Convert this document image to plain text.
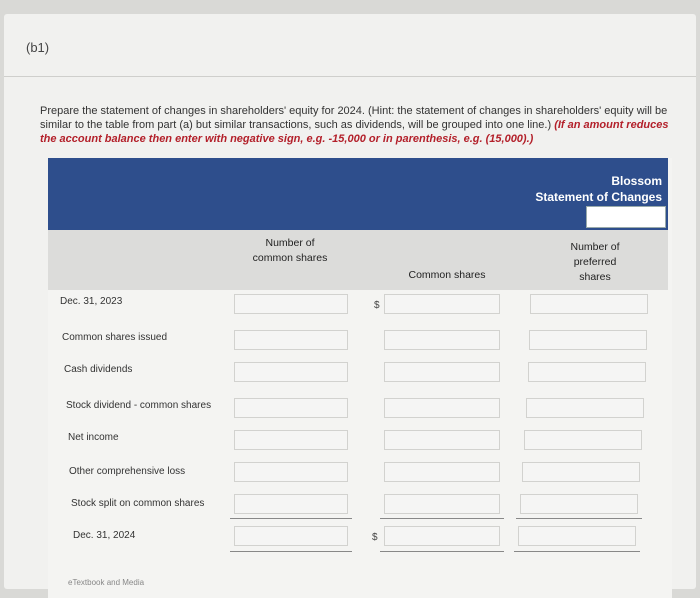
(b1)
Prepare the statement of changes in shareholders' equity for 2024. (Hint: the statement of changes in shareholders' equity will be similar to the table from part (a) but similar transactions, such as dividends, will be grouped into one line.) (If an amount reduces the account balance then enter with negative sign, e.g. -15,000 or in parenthesis, e.g. (15,000).)
Blossom
Statement of Changes
Number of common shares
Common shares
Number of preferred shares
Dec. 31, 2023
Common shares issued
Cash dividends
Stock dividend - common shares
Net income
Other comprehensive loss
Stock split on common shares
Dec. 31, 2024
$
$
eTextbook and Media
